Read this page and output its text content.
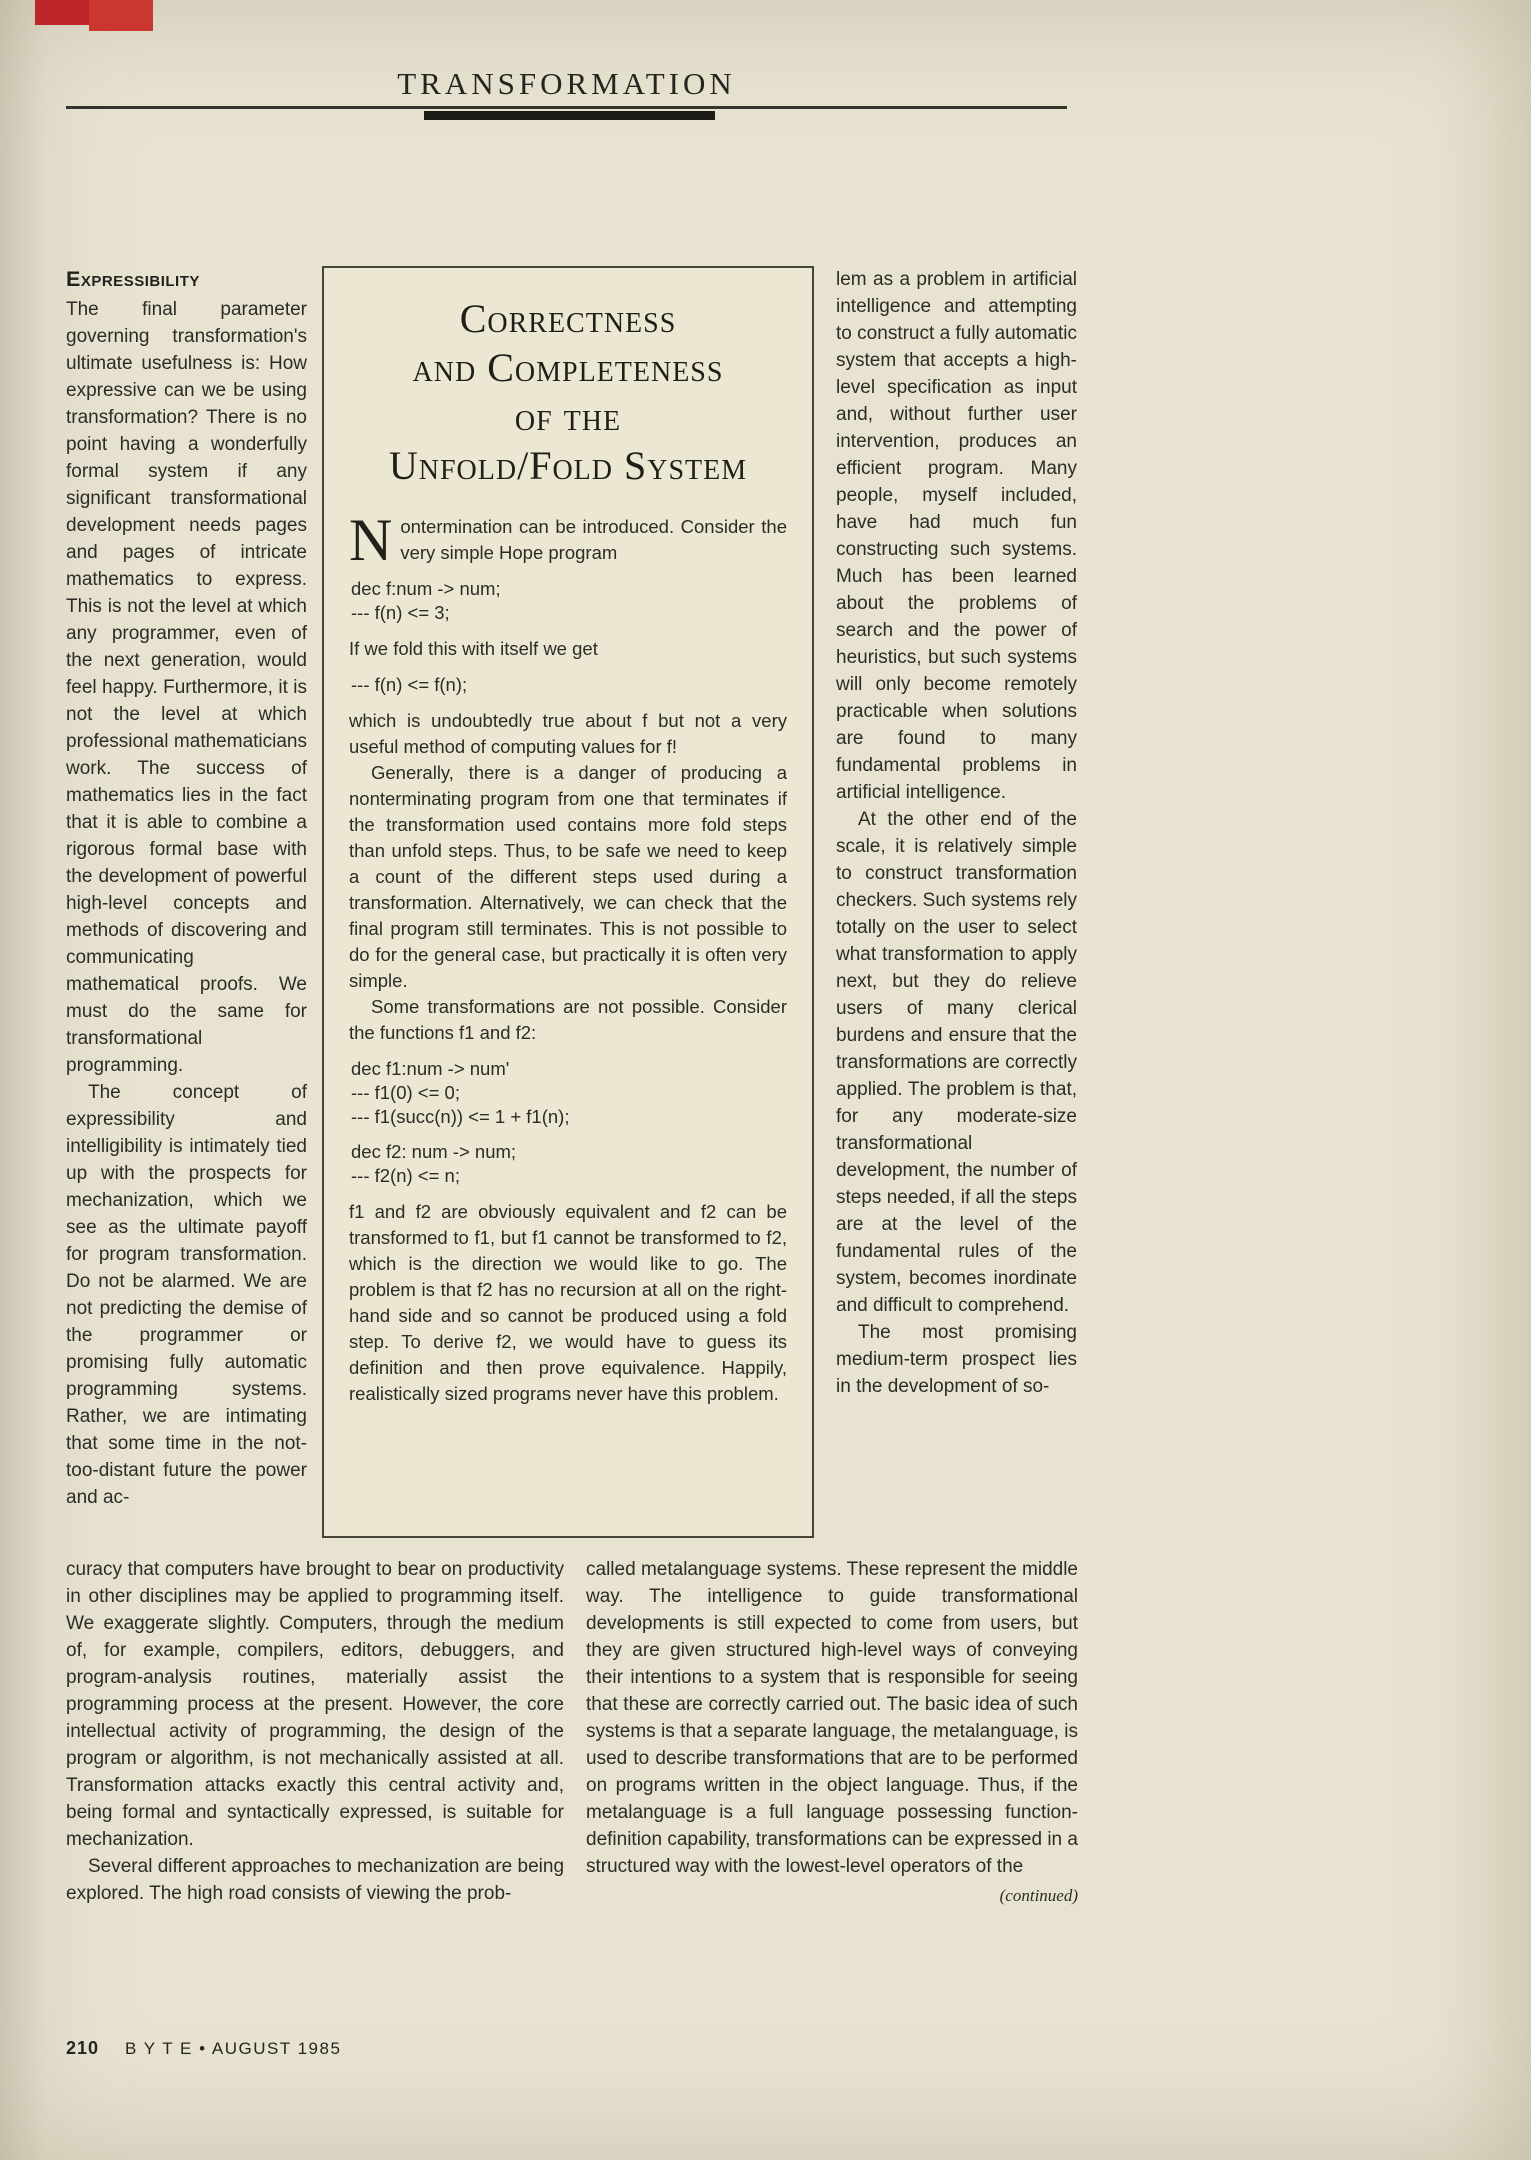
TRANSFORMATION
Expressibility

The final parameter governing transformation's ultimate usefulness is: How expressive can we be using transformation? There is no point having a wonderfully formal system if any significant transformational development needs pages and pages of intricate mathematics to express. This is not the level at which any programmer, even of the next generation, would feel happy. Furthermore, it is not the level at which professional mathematicians work. The success of mathematics lies in the fact that it is able to combine a rigorous formal base with the development of powerful high-level concepts and methods of discovering and communicating mathematical proofs. We must do the same for transformational programming.

The concept of expressibility and intelligibility is intimately tied up with the prospects for mechanization, which we see as the ultimate payoff for program transformation. Do not be alarmed. We are not predicting the demise of the programmer or promising fully automatic programming systems. Rather, we are intimating that some time in the not-too-distant future the power and ac-

Correctness
and Completeness
of the
Unfold/Fold System

Nontermination can be introduced. Consider the very simple Hope program

dec f:num -> num;
--- f(n) <= 3;

If we fold this with itself we get

--- f(n) <= f(n);

which is undoubtedly true about f but not a very useful method of computing values for f!

Generally, there is a danger of producing a nonterminating program from one that terminates if the transformation used contains more fold steps than unfold steps. Thus, to be safe we need to keep a count of the different steps used during a transformation. Alternatively, we can check that the final program still terminates. This is not possible to do for the general case, but practically it is often very simple.

Some transformations are not possible. Consider the functions f1 and f2:

dec f1:num -> num'
--- f1(0) <= 0;
--- f1(succ(n)) <= 1 + f1(n);
dec f2: num -> num;
--- f2(n) <= n;

f1 and f2 are obviously equivalent and f2 can be transformed to f1, but f1 cannot be transformed to f2, which is the direction we would like to go. The problem is that f2 has no recursion at all on the right-hand side and so cannot be produced using a fold step. To derive f2, we would have to guess its definition and then prove equivalence. Happily, realistically sized programs never have this problem.

lem as a problem in artificial intelligence and attempting to construct a fully automatic system that accepts a high-level specification as input and, without further user intervention, produces an efficient program. Many people, myself included, have had much fun constructing such systems. Much has been learned about the problems of search and the power of heuristics, but such systems will only become remotely practicable when solutions are found to many fundamental problems in artificial intelligence.

At the other end of the scale, it is relatively simple to construct transformation checkers. Such systems rely totally on the user to select what transformation to apply next, but they do relieve users of many clerical burdens and ensure that the transformations are correctly applied. The problem is that, for any moderate-size transformational development, the number of steps needed, if all the steps are at the level of the fundamental rules of the system, becomes inordinate and difficult to comprehend.

The most promising medium-term prospect lies in the development of so-

curacy that computers have brought to bear on productivity in other disciplines may be applied to programming itself. We exaggerate slightly. Computers, through the medium of, for example, compilers, editors, debuggers, and program-analysis routines, materially assist the programming process at the present. However, the core intellectual activity of programming, the design of the program or algorithm, is not mechanically assisted at all. Transformation attacks exactly this central activity and, being formal and syntactically expressed, is suitable for mechanization.

Several different approaches to mechanization are being explored. The high road consists of viewing the prob-

called metalanguage systems. These represent the middle way. The intelligence to guide transformational developments is still expected to come from users, but they are given structured high-level ways of conveying their intentions to a system that is responsible for seeing that these are correctly carried out. The basic idea of such systems is that a separate language, the metalanguage, is used to describe transformations that are to be performed on programs written in the object language. Thus, if the metalanguage is a full language possessing function-definition capability, transformations can be expressed in a structured way with the lowest-level operators of the

(continued)
210 B Y T E • AUGUST 1985
